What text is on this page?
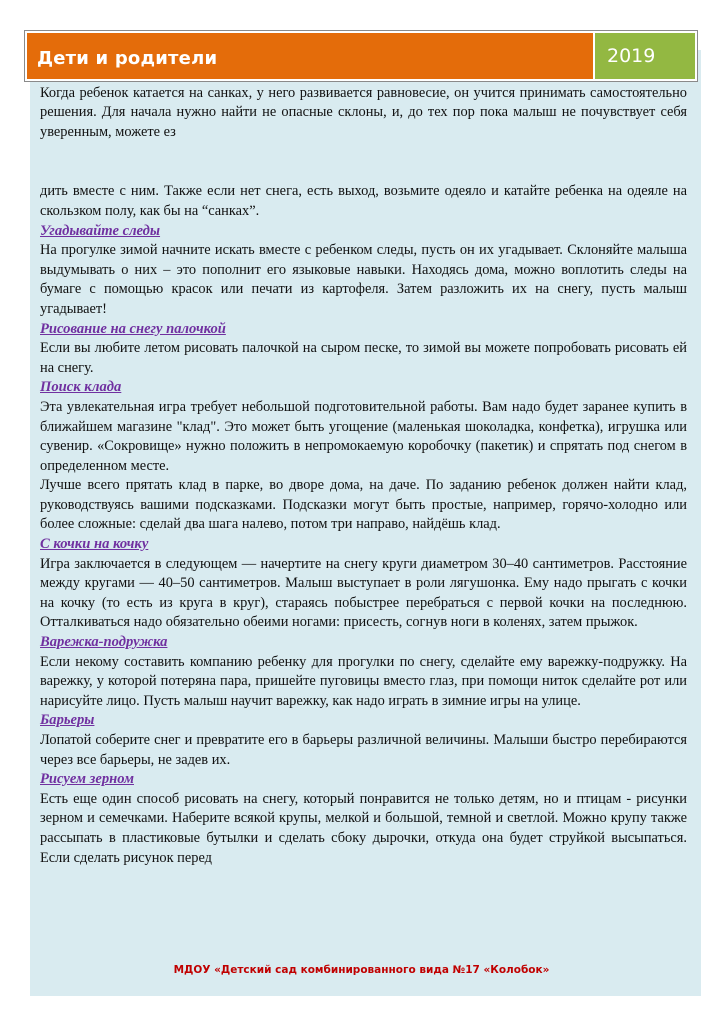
Когда ребенок катается на санках, у него развивается равновесие, он учится принимать самостоятельно решения. Для начала нужно найти не опасные склоны, и, до тех пор пока малыш не почувствует себя уверенным, можете ез
дить вместе с ним. Также если нет снега, есть выход, возьмите одеяло и катайте ребенка на одеяле на скользком полу, как бы на “санках”.
Угадывайте следы
На прогулке зимой начните искать вместе с ребенком следы, пусть он их угадывает. Склоняйте малыша выдумывать о них – это пополнит его языковые навыки. Находясь дома, можно воплотить следы на бумаге с помощью красок или печати из картофеля. Затем разложить их на снегу, пусть малыш угадывает!
Рисование на снегу палочкой
Если вы любите летом рисовать палочкой на сыром песке, то зимой вы можете попробовать рисовать ей на снегу.
Поиск клада
Эта увлекательная игра требует небольшой подготовительной работы. Вам надо будет заранее купить в ближайшем магазине "клад". Это может быть угощение (маленькая шоколадка, конфетка), игрушка или сувенир. «Сокровище» нужно положить в непромокаемую коробочку (пакетик) и спрятать под снегом в определенном месте.
Лучше всего прятать клад в парке, во дворе дома, на даче. По заданию ребенок должен найти клад, руководствуясь вашими подсказками. Подсказки могут быть простые, например, горячо-холодно или более сложные: сделай два шага налево, потом три направо, найдёшь клад.
С кочки на кочку
Игра заключается в следующем — начертите на снегу круги диаметром 30–40 сантиметров. Расстояние между кругами — 40–50 сантиметров. Малыш выступает в роли лягушонка. Ему надо прыгать с кочки на кочку (то есть из круга в круг), стараясь побыстрее перебраться с первой кочки на последнюю. Отталкиваться надо обязательно обеими ногами: присесть, согнув ноги в коленях, затем прыжок.
Варежка-подружка
Если некому составить компанию ребенку для прогулки по снегу, сделайте ему варежку-подружку. На варежку, у которой потеряна пара, пришейте пуговицы вместо глаз, при помощи ниток сделайте рот или нарисуйте лицо. Пусть малыш научит варежку, как надо играть в зимние игры на улице.
Барьеры
Лопатой соберите снег и превратите его в барьеры различной величины. Малыши быстро перебираются через все барьеры, не задев их.
Рисуем зерном
Есть еще один способ рисовать на снегу, который понравится не только детям, но и птицам - рисунки зерном и семечками. Наберите всякой крупы, мелкой и большой, темной и светлой. Можно крупу также рассыпать в пластиковые бутылки и сделать сбоку дырочки, откуда она будет струйкой высыпаться. Если сделать рисунок перед
Дети и родители	2019
МДОУ «Детский сад комбинированного вида №17 «Колобок»
